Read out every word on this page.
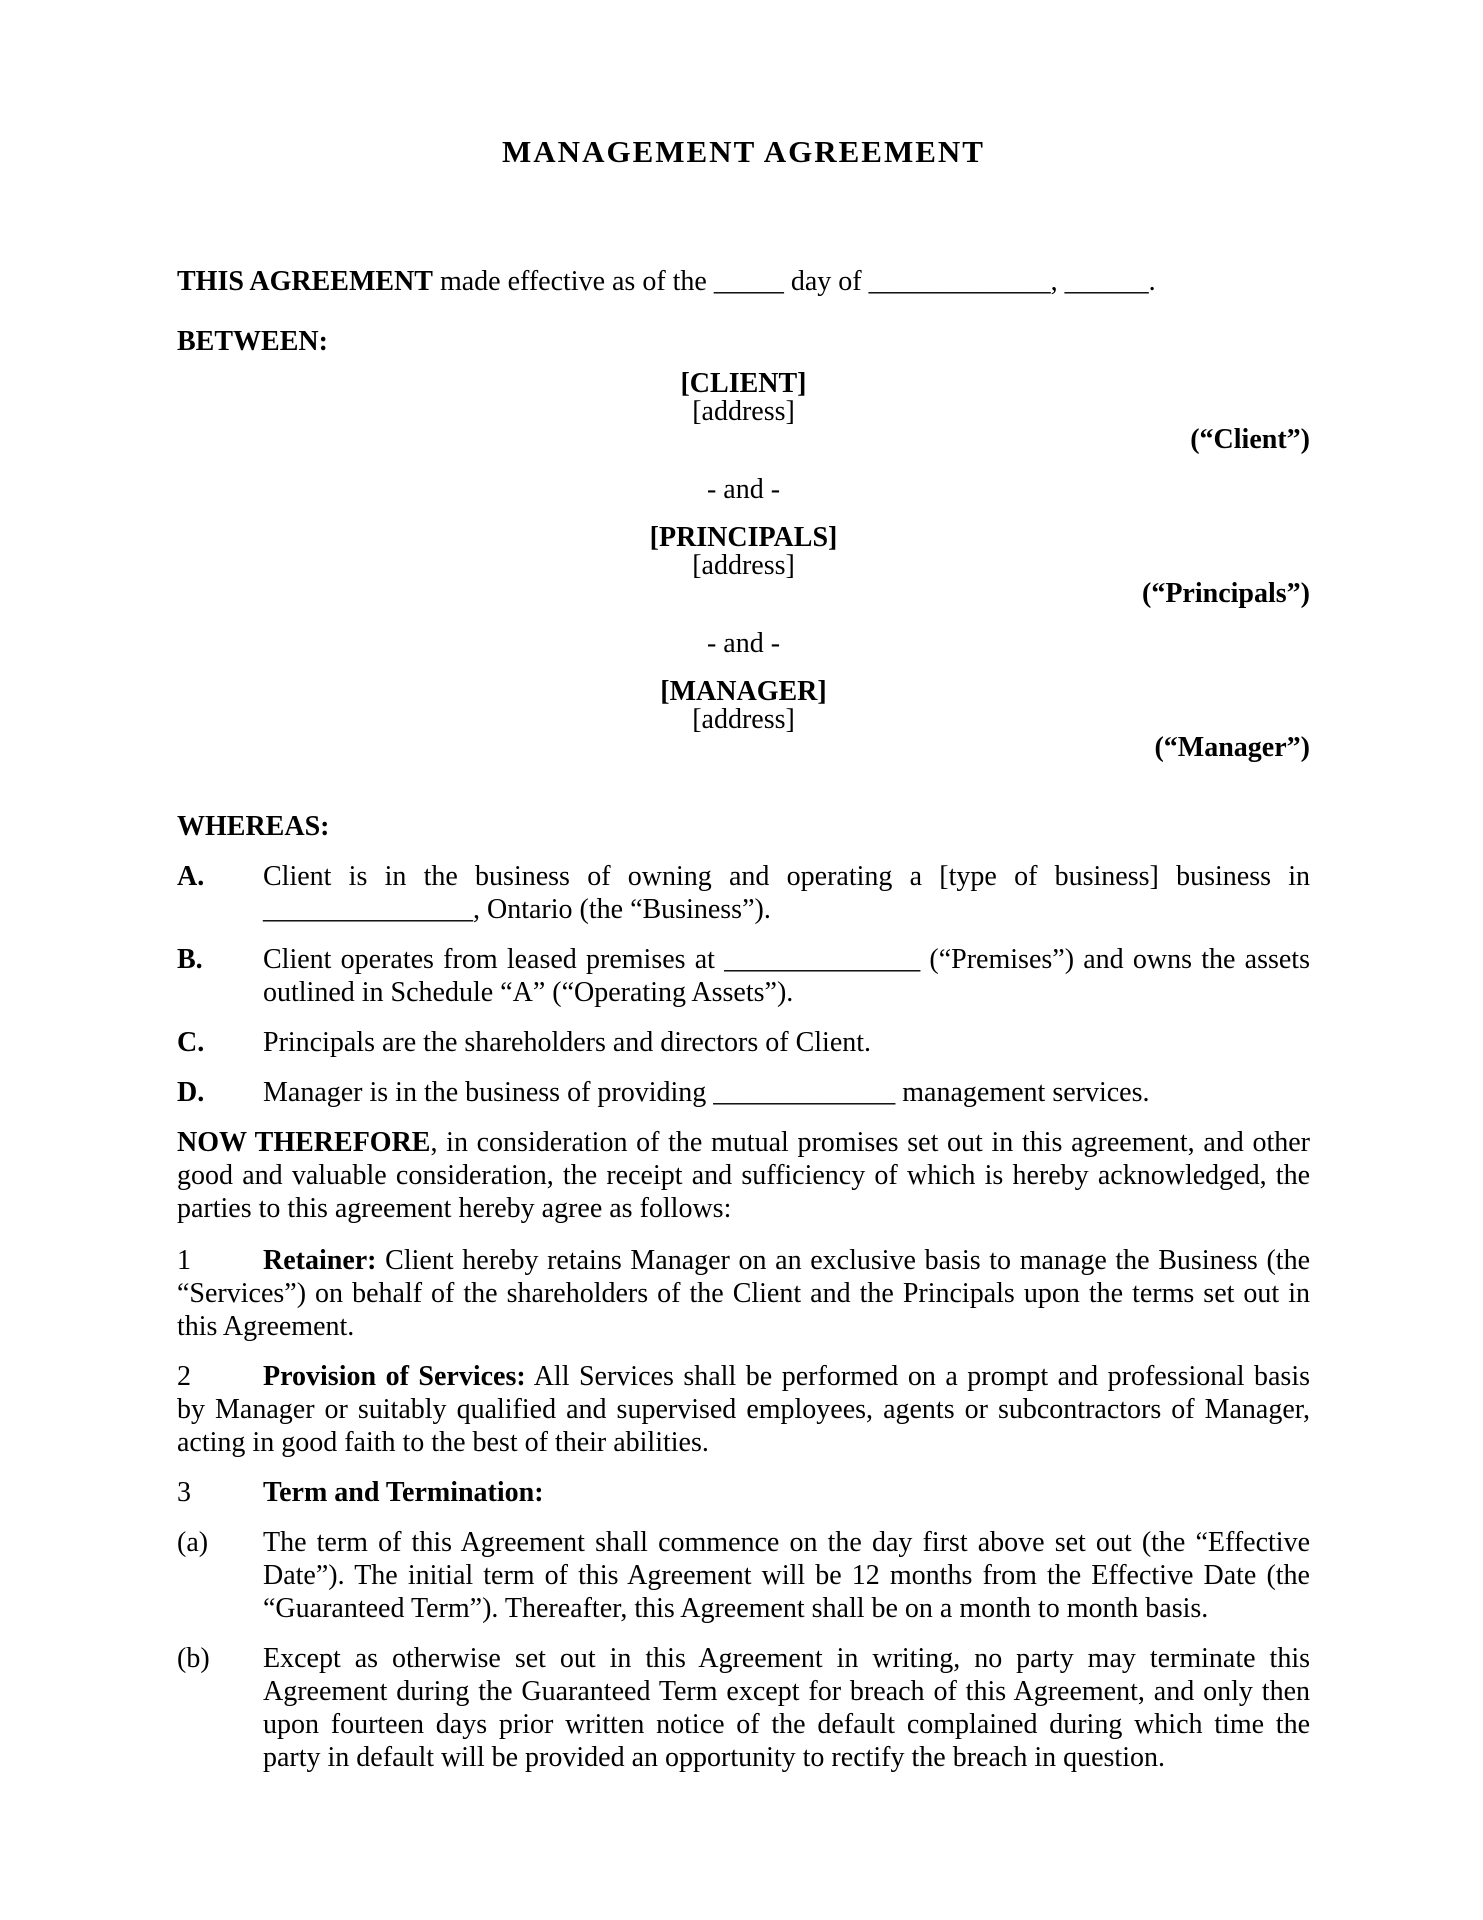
MANAGEMENT AGREEMENT

THIS AGREEMENT made effective as of the _____ day of _____________, ______.

BETWEEN:

[CLIENT]
[address]
(“Client”)
- and -
[PRINCIPALS]
[address]
(“Principals”)
- and -
[MANAGER]
[address]
(“Manager”)

WHEREAS:

A.	Client is in the business of owning and operating a [type of business] business in _______________, Ontario (the “Business”).
B.	Client operates from leased premises at ______________ (“Premises”) and owns the assets outlined in Schedule “A” (“Operating Assets”).
C.	Principals are the shareholders and directors of Client.
D.	Manager is in the business of providing _____________ management services.

NOW THEREFORE, in consideration of the mutual promises set out in this agreement, and other good and valuable consideration, the receipt and sufficiency of which is hereby acknowledged, the parties to this agreement hereby agree as follows:

1	Retainer: Client hereby retains Manager on an exclusive basis to manage the Business (the “Services”) on behalf of the shareholders of the Client and the Principals upon the terms set out in this Agreement.

2	Provision of Services: All Services shall be performed on a prompt and professional basis by Manager or suitably qualified and supervised employees, agents or subcontractors of Manager, acting in good faith to the best of their abilities.

3	Term and Termination:

(a)	The term of this Agreement shall commence on the day first above set out (the “Effective Date”). The initial term of this Agreement will be 12 months from the Effective Date (the “Guaranteed Term”). Thereafter, this Agreement shall be on a month to month basis.
(b)	Except as otherwise set out in this Agreement in writing, no party may terminate this Agreement during the Guaranteed Term except for breach of this Agreement, and only then upon fourteen days prior written notice of the default complained during which time the party in default will be provided an opportunity to rectify the breach in question.
